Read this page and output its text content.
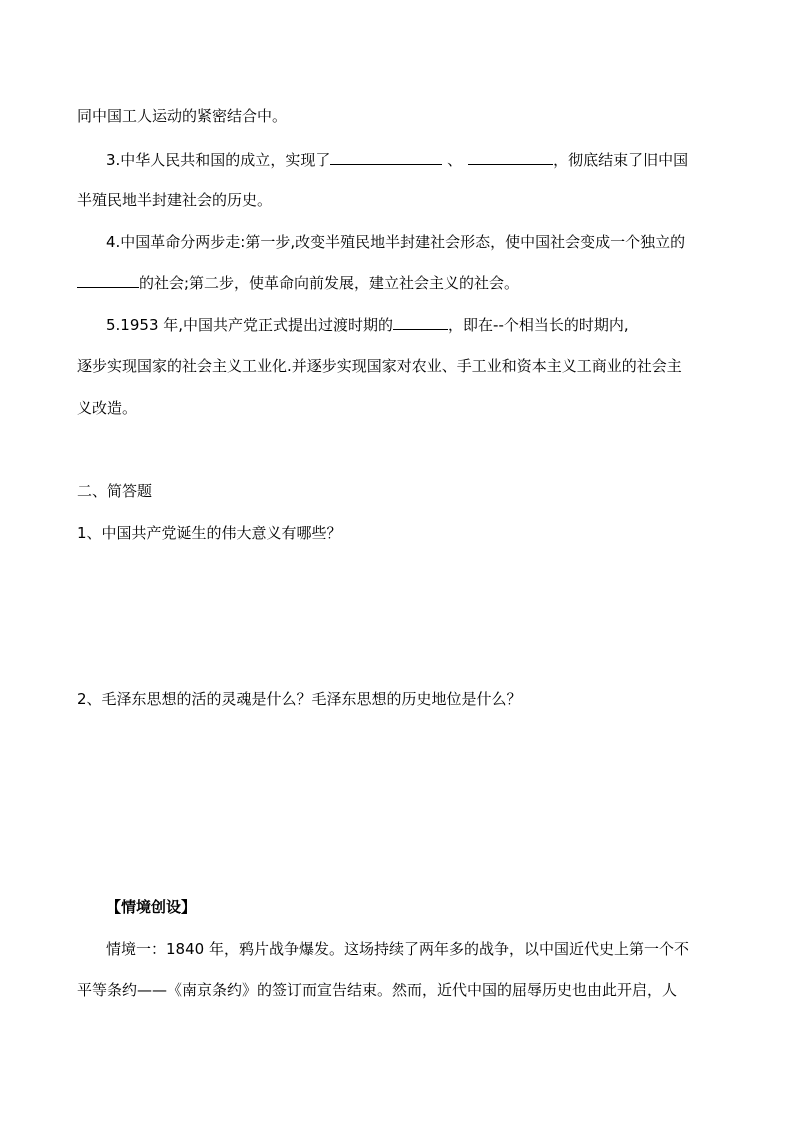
同中国工人运动的紧密结合中。
3.中华人民共和国的成立，实现了	、	，彻底结束了旧中国
半殖民地半封建社会的历史。
4.中国革命分两步走:第一步,改变半殖民地半封建社会形态，使中国社会变成一个独立的
的社会;第二步，使革命向前发展，建立社会主义的社会。
5.1953 年,中国共产党正式提出过渡时期的	，即在--个相当长的时期内,
逐步实现国家的社会主义工业化.并逐步实现国家对农业、手工业和资本主义工商业的社会主
义改造。
二、简答题
1、中国共产党诞生的伟大意义有哪些？
2、毛泽东思想的活的灵魂是什么？毛泽东思想的历史地位是什么？
【情境创设】
情境一：1840 年，鸦片战争爆发。这场持续了两年多的战争，以中国近代史上第一个不
平等条约——《南京条约》的签订而宣告结束。然而，近代中国的屈辱历史也由此开启，人
